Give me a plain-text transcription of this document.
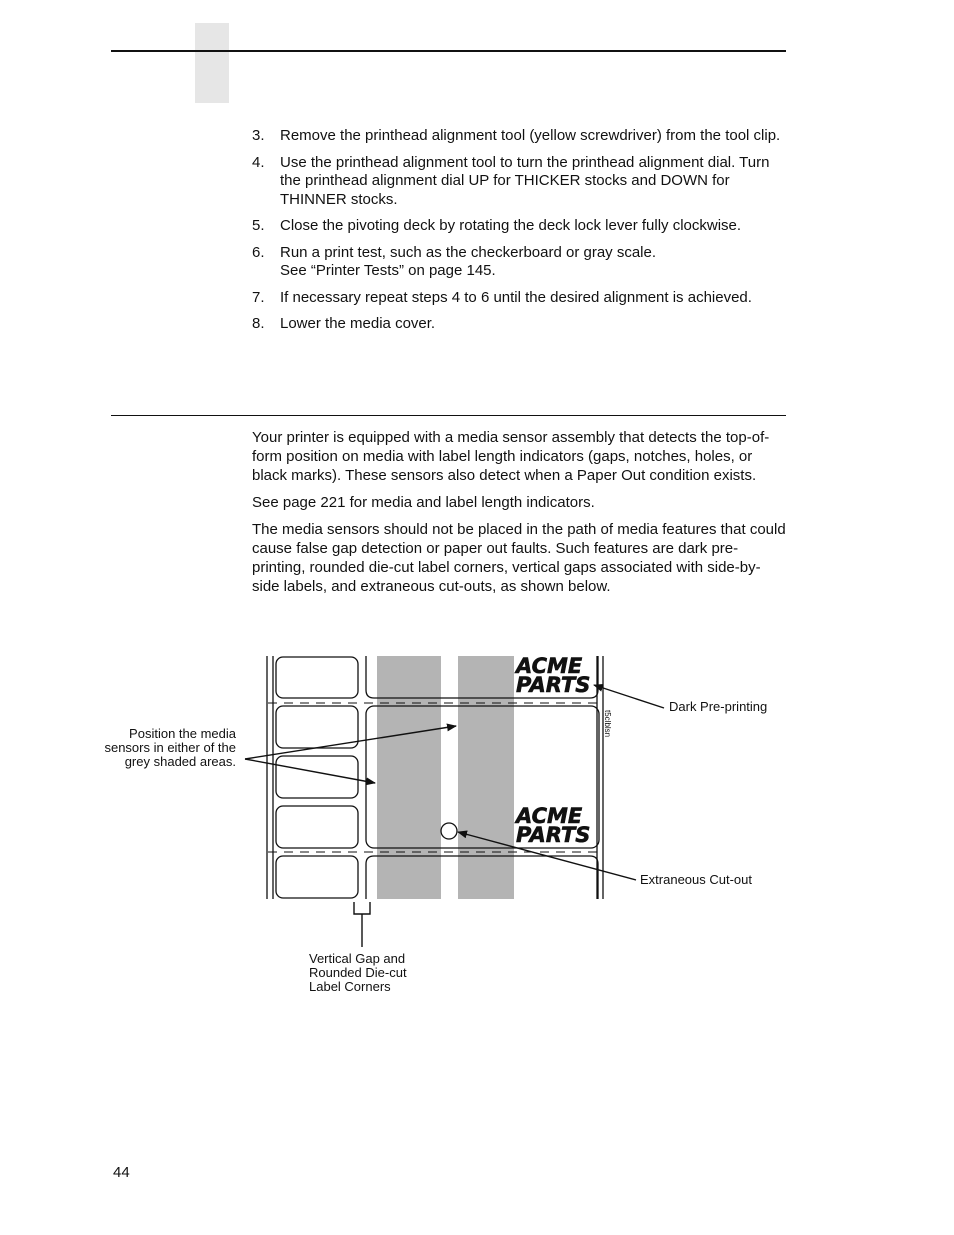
3. Remove the printhead alignment tool (yellow screwdriver) from the tool clip.
4. Use the printhead alignment tool to turn the printhead alignment dial. Turn the printhead alignment dial UP for THICKER stocks and DOWN for THINNER stocks.
5. Close the pivoting deck by rotating the deck lock lever fully clockwise.
6. Run a print test, such as the checkerboard or gray scale.
See “Printer Tests” on page 145.
7. If necessary repeat steps 4 to 6 until the desired alignment is achieved.
8. Lower the media cover.

Your printer is equipped with a media sensor assembly that detects the top-of-form position on media with label length indicators (gaps, notches, holes, or black marks). These sensors also detect when a Paper Out condition exists.

See page 221 for media and label length indicators.

The media sensors should not be placed in the path of media features that could cause false gap detection or paper out faults. Such features are dark pre-printing, rounded die-cut label corners, vertical gaps associated with side-by-side labels, and extraneous cut-outs, as shown below.

ACME
PARTS
ACME
PARTS
Position the media sensors in either of the grey shaded areas.
Dark Pre-printing
Extraneous Cut-out
Vertical Gap and Rounded Die-cut Label Corners
t5clblsn
44
